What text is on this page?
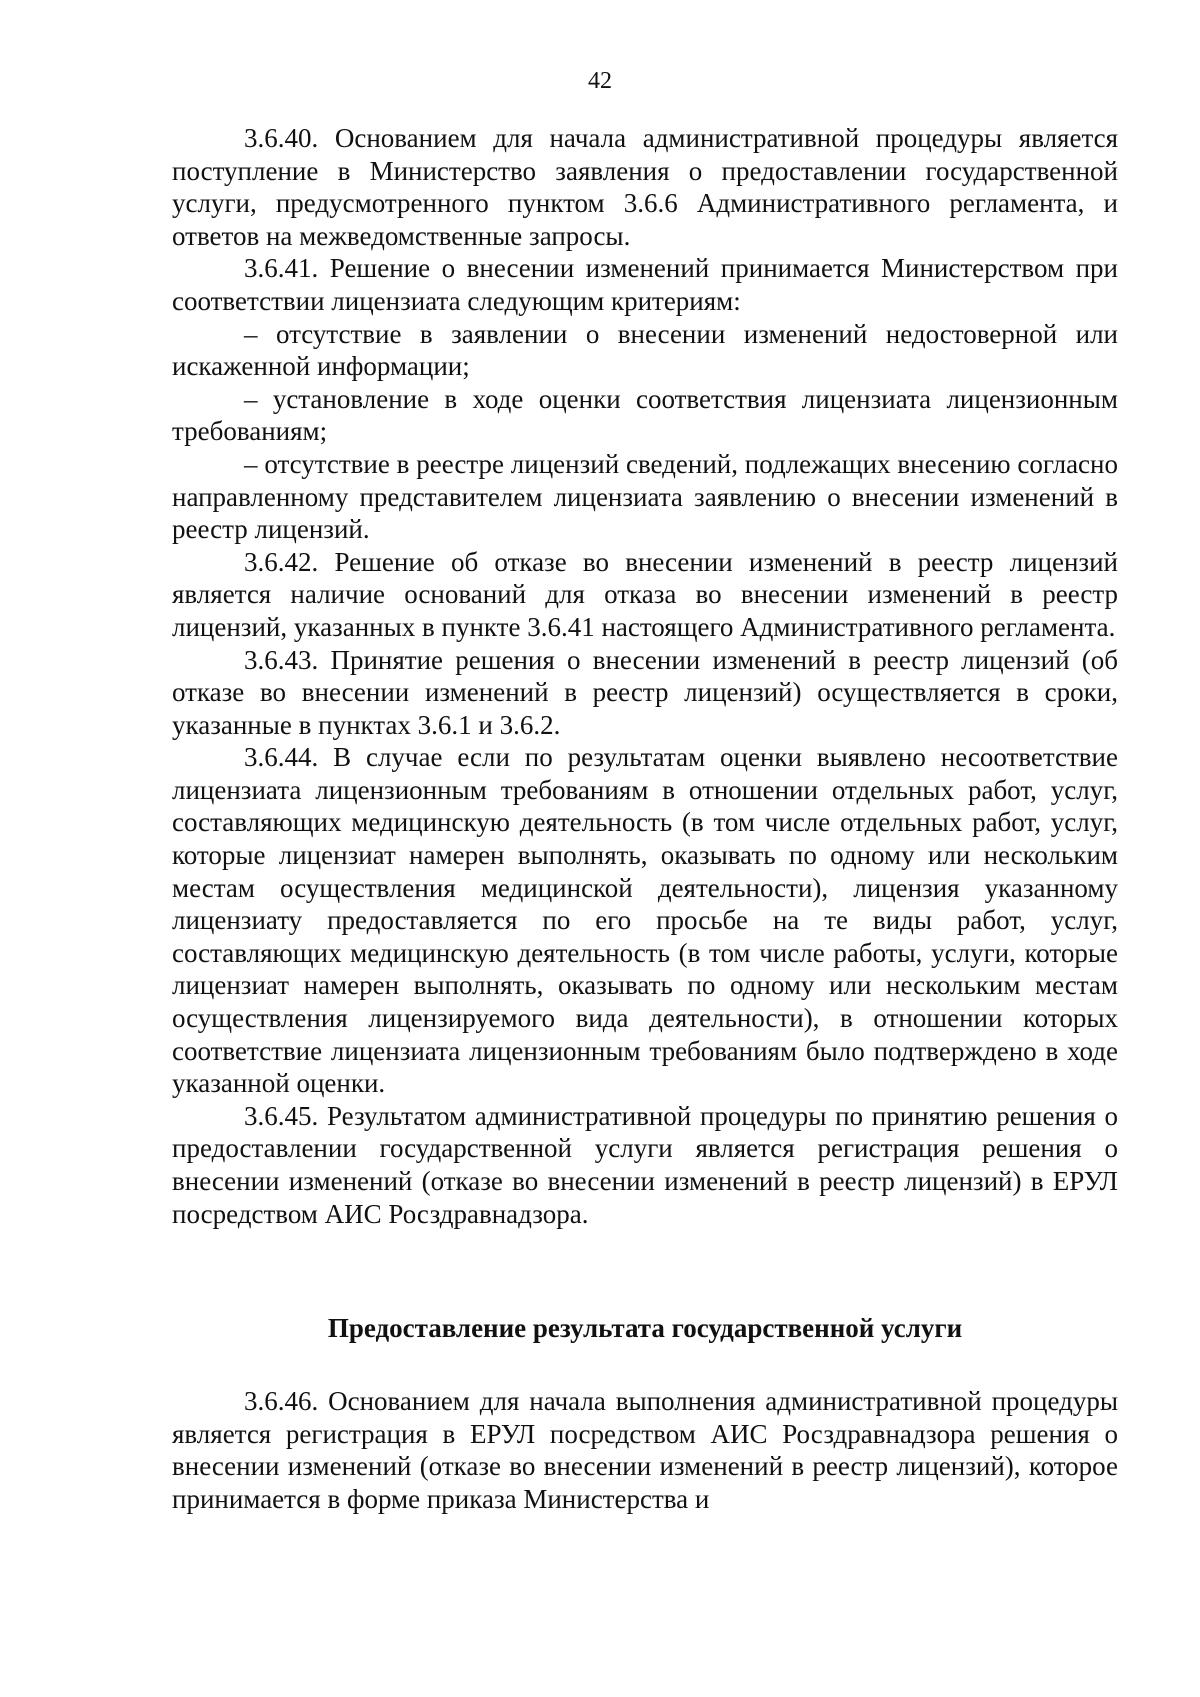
42

3.6.40. Основанием для начала административной процедуры является поступление в Министерство заявления о предоставлении государственной услуги, предусмотренного пунктом 3.6.6 Административного регламента, и ответов на межведомственные запросы.

3.6.41. Решение о внесении изменений принимается Министерством при соответствии лицензиата следующим критериям:

– отсутствие в заявлении о внесении изменений недостоверной или искаженной информации;

– установление в ходе оценки соответствия лицензиата лицензионным требованиям;

– отсутствие в реестре лицензий сведений, подлежащих внесению согласно направленному представителем лицензиата заявлению о внесении изменений в реестр лицензий.

3.6.42. Решение об отказе во внесении изменений в реестр лицензий является наличие оснований для отказа во внесении изменений в реестр лицензий, указанных в пункте 3.6.41 настоящего Административного регламента.

3.6.43. Принятие решения о внесении изменений в реестр лицензий (об отказе во внесении изменений в реестр лицензий) осуществляется в сроки, указанные в пунктах 3.6.1 и 3.6.2.

3.6.44. В случае если по результатам оценки выявлено несоответствие лицензиата лицензионным требованиям в отношении отдельных работ, услуг, составляющих медицинскую деятельность (в том числе отдельных работ, услуг, которые лицензиат намерен выполнять, оказывать по одному или нескольким местам осуществления медицинской деятельности), лицензия указанному лицензиату предоставляется по его просьбе на те виды работ, услуг, составляющих медицинскую деятельность (в том числе работы, услуги, которые лицензиат намерен выполнять, оказывать по одному или нескольким местам осуществления лицензируемого вида деятельности), в отношении которых соответствие лицензиата лицензионным требованиям было подтверждено в ходе указанной оценки.

3.6.45. Результатом административной процедуры по принятию решения о предоставлении государственной услуги является регистрация решения о внесении изменений (отказе во внесении изменений в реестр лицензий) в ЕРУЛ посредством АИС Росздравнадзора.

Предоставление результата государственной услуги

3.6.46. Основанием для начала выполнения административной процедуры является регистрация в ЕРУЛ посредством АИС Росздравнадзора решения о внесении изменений (отказе во внесении изменений в реестр лицензий), которое принимается в форме приказа Министерства и
